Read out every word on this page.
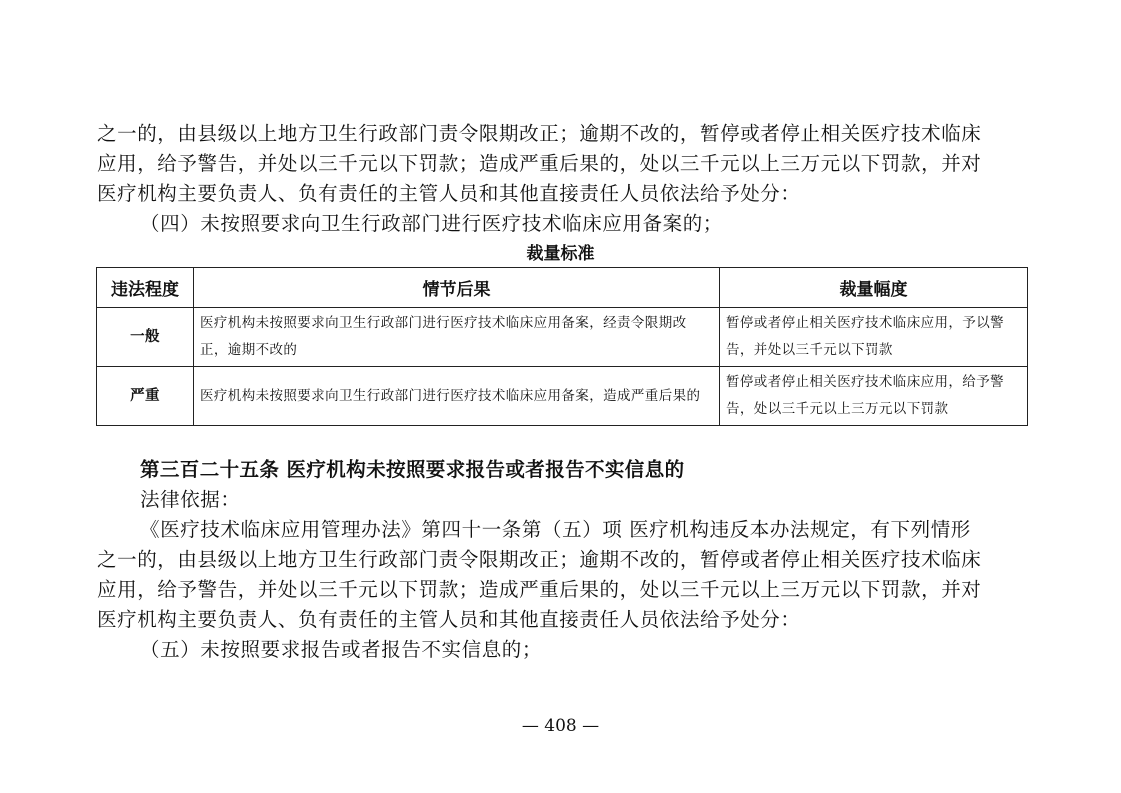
之一的，由县级以上地方卫生行政部门责令限期改正；逾期不改的，暂停或者停止相关医疗技术临床
应用，给予警告，并处以三千元以下罚款；造成严重后果的，处以三千元以上三万元以下罚款，并对
医疗机构主要负责人、负有责任的主管人员和其他直接责任人员依法给予处分：
（四）未按照要求向卫生行政部门进行医疗技术临床应用备案的；
裁量标准
违法程度	情节后果	裁量幅度
一般	医疗机构未按照要求向卫生行政部门进行医疗技术临床应用备案，经责令限期改正，逾期不改的	暂停或者停止相关医疗技术临床应用，予以警告，并处以三千元以下罚款
严重	医疗机构未按照要求向卫生行政部门进行医疗技术临床应用备案，造成严重后果的	暂停或者停止相关医疗技术临床应用，给予警告，处以三千元以上三万元以下罚款
第三百二十五条 医疗机构未按照要求报告或者报告不实信息的
法律依据：
《医疗技术临床应用管理办法》第四十一条第（五）项 医疗机构违反本办法规定，有下列情形
之一的，由县级以上地方卫生行政部门责令限期改正；逾期不改的，暂停或者停止相关医疗技术临床
应用，给予警告，并处以三千元以下罚款；造成严重后果的，处以三千元以上三万元以下罚款，并对
医疗机构主要负责人、负有责任的主管人员和其他直接责任人员依法给予处分：
（五）未按照要求报告或者报告不实信息的；
— 408 —
